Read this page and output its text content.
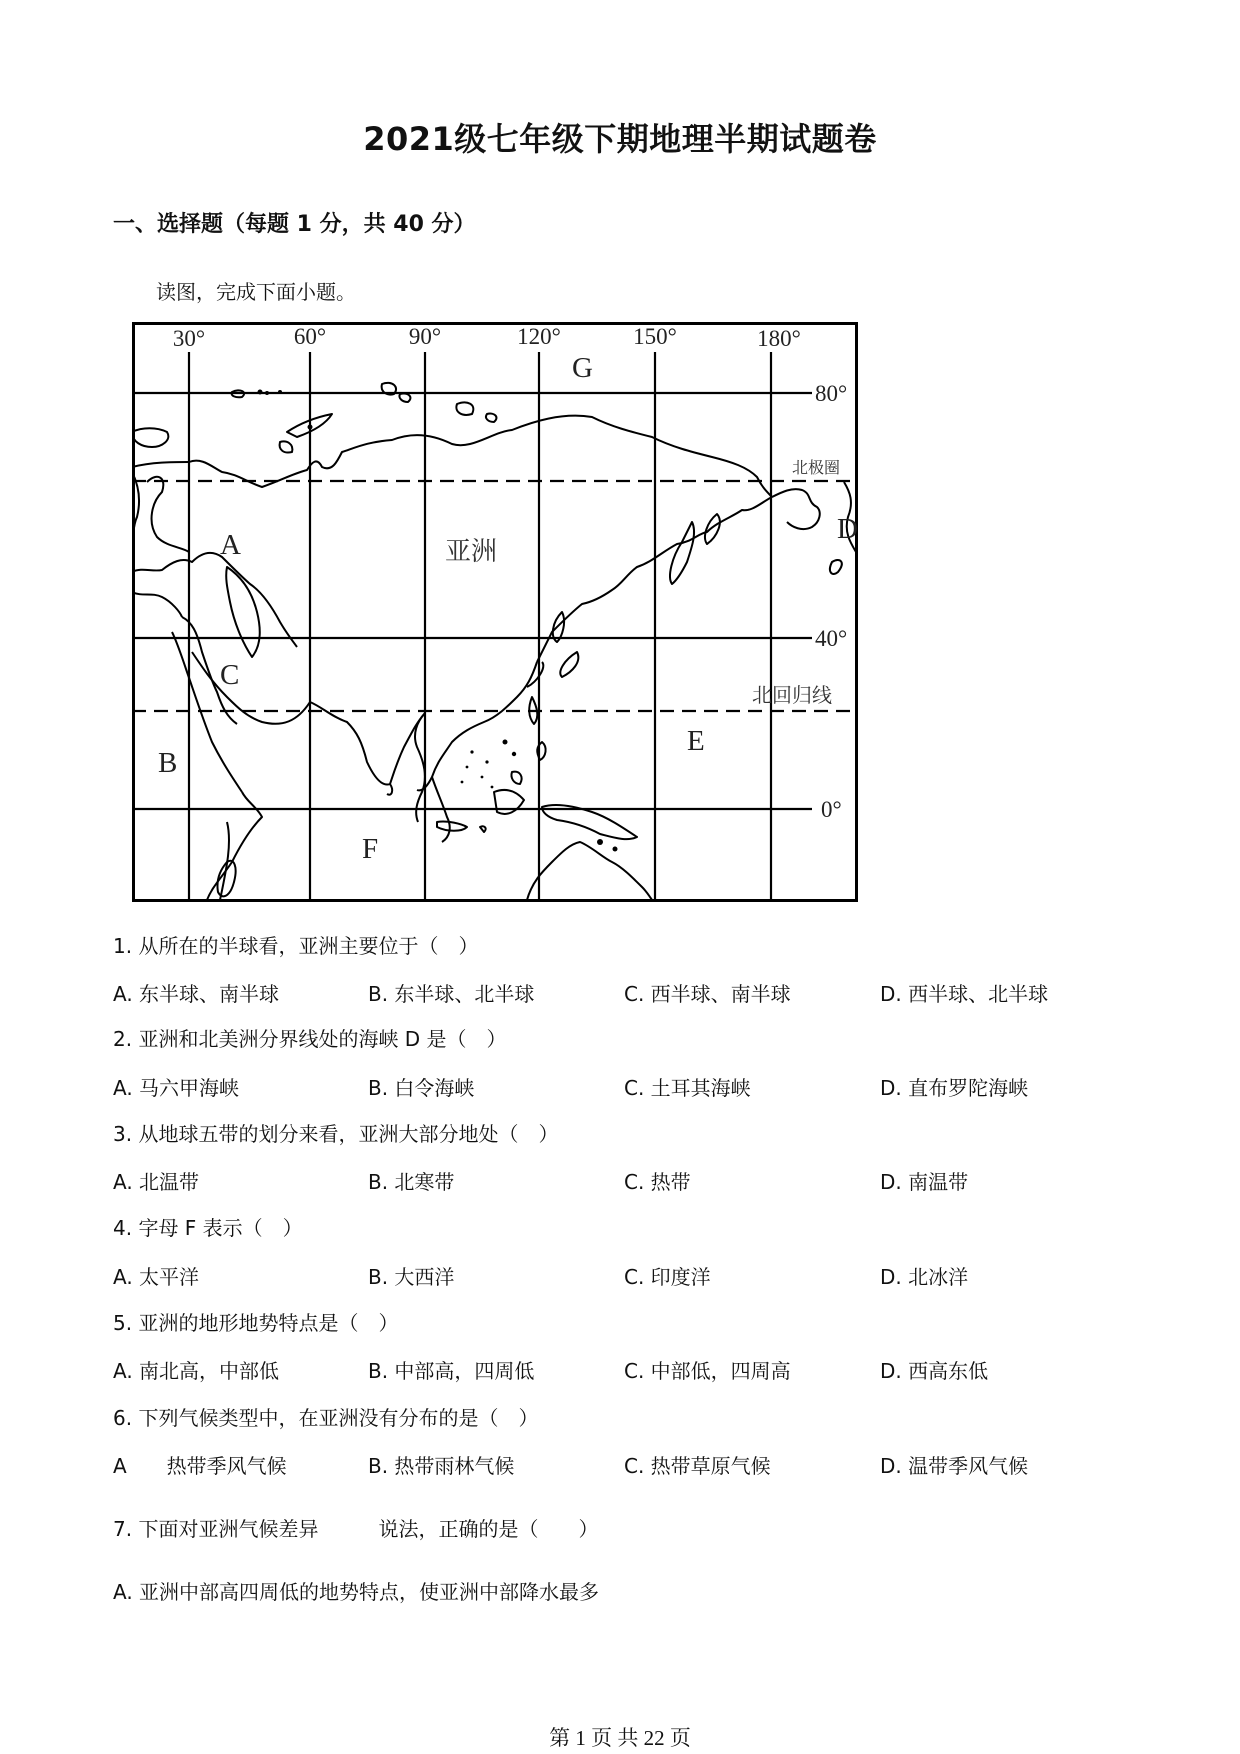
2021级七年级下期地理半期试题卷
一、选择题（每题 1 分，共 40 分）
读图，完成下面小题。
30°	60°	90°	120°	150°	180°
80°
40°
0°
北极圈
北回归线
A
B
C
D
E
F
G
亚洲
1. 从所在的半球看，亚洲主要位于（　）
A. 东半球、南半球	B. 东半球、北半球	C. 西半球、南半球	D. 西半球、北半球
2. 亚洲和北美洲分界线处的海峡 D 是（　）
A. 马六甲海峡	B. 白令海峡	C. 土耳其海峡	D. 直布罗陀海峡
3. 从地球五带的划分来看，亚洲大部分地处（　）
A. 北温带	B. 北寒带	C. 热带	D. 南温带
4. 字母 F 表示（　）
A. 太平洋	B. 大西洋	C. 印度洋	D. 北冰洋
5. 亚洲的地形地势特点是（　）
A. 南北高，中部低	B. 中部高，四周低	C. 中部低，四周高	D. 西高东低
6. 下列气候类型中，在亚洲没有分布的是（　）
A　　热带季风气候	B. 热带雨林气候	C. 热带草原气候	D. 温带季风气候
7. 下面对亚洲气候差异　　　说法，正确的是（　　）
A. 亚洲中部高四周低的地势特点，使亚洲中部降水最多
第 1 页 共 22 页
